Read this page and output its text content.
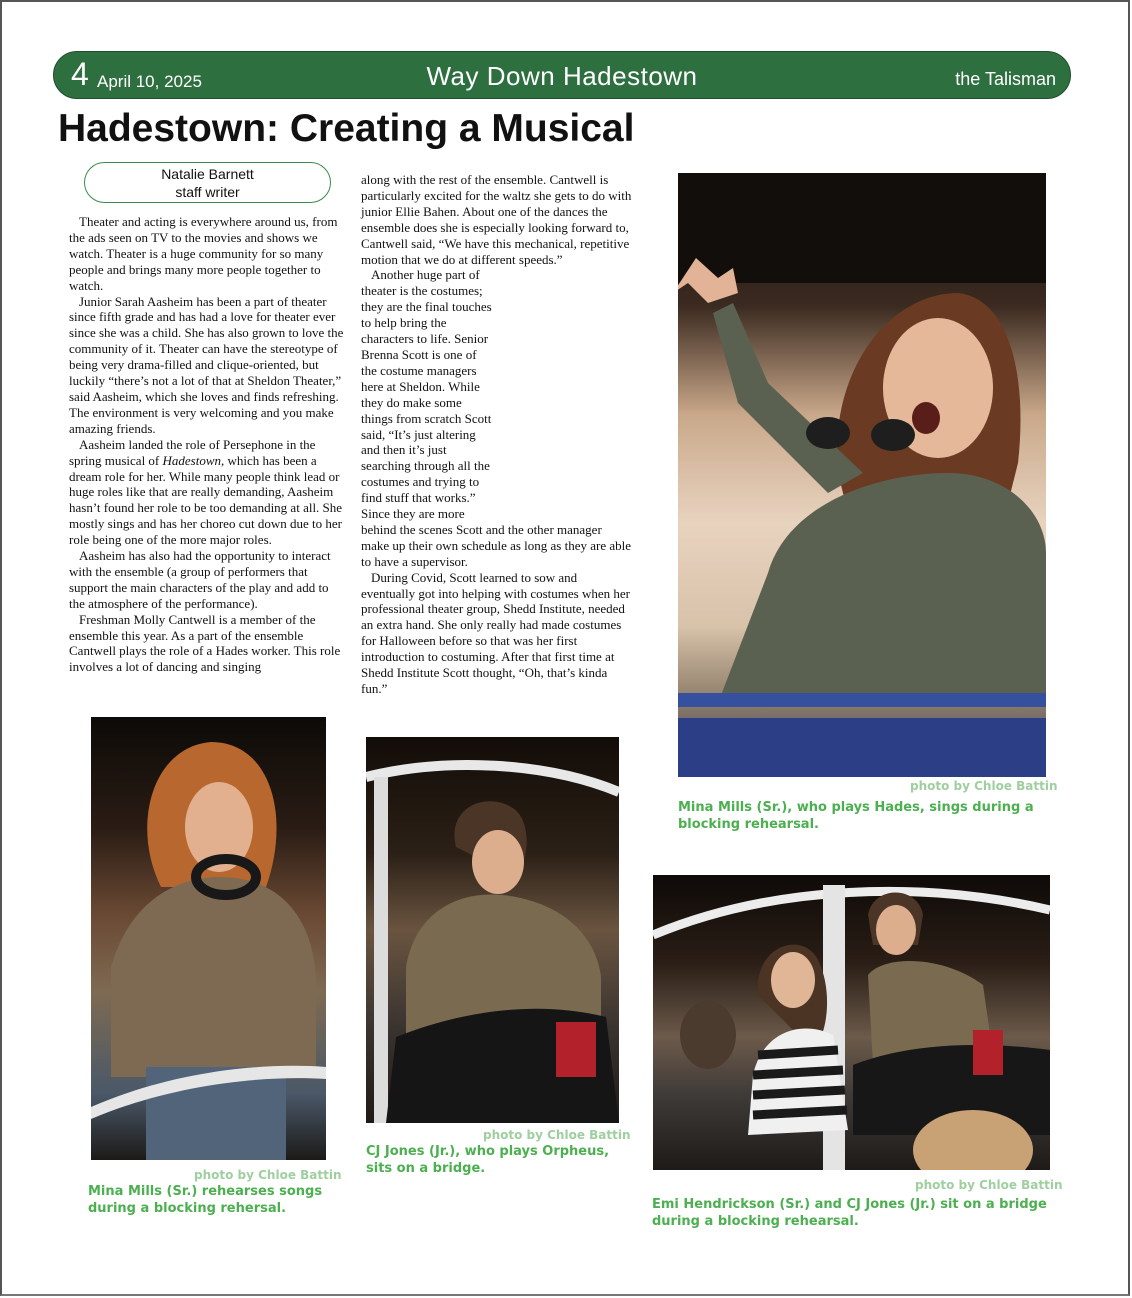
4 April 10, 2025	Way Down Hadestown	the Talisman
Hadestown: Creating a Musical
Natalie Barnett
staff writer

Theater and acting is everywhere around us, from the ads seen on TV to the movies and shows we watch. Theater is a huge community for so many people and brings many more people together to watch.

Junior Sarah Aasheim has been a part of theater since fifth grade and has had a love for theater ever since she was a child. She has also grown to love the community of it. Theater can have the stereotype of being very drama-filled and clique-oriented, but luckily “there’s not a lot of that at Sheldon Theater,” said Aasheim, which she loves and finds refreshing. The environment is very welcoming and you make amazing friends.

Aasheim landed the role of Persephone in the spring musical of Hadestown, which has been a dream role for her. While many people think lead or huge roles like that are really demanding, Aasheim hasn’t found her role to be too demanding at all. She mostly sings and has her choreo cut down due to her role being one of the more major roles.

Aasheim has also had the opportunity to interact with the ensemble (a group of performers that support the main characters of the play and add to the atmosphere of the performance).

Freshman Molly Cantwell is a member of the ensemble this year. As a part of the ensemble Cantwell plays the role of a Hades worker. This role involves a lot of dancing and singing

along with the rest of the ensemble. Cantwell is particularly excited for the waltz she gets to do with junior Ellie Bahen. About one of the dances the ensemble does she is especially looking forward to, Cantwell said, “We have this mechanical, repetitive motion that we do at different speeds.”

Another huge part of theater is the costumes; they are the final touches to help bring the characters to life. Senior Brenna Scott is one of the costume managers here at Sheldon. While they do make some things from scratch Scott said, “It’s just altering and then it’s just searching through all the costumes and trying to find stuff that works.” Since they are more behind the scenes Scott and the other manager make up their own schedule as long as they are able to have a supervisor.

During Covid, Scott learned to sow and eventually got into helping with costumes when her professional theater group, Shedd Institute, needed an extra hand. She only really had made costumes for Halloween before so that was her first introduction to costuming. After that first time at Shedd Institute Scott thought, “Oh, that’s kinda fun.”

photo by Chloe Battin
Mina Mills (Sr.), who plays Hades, sings during a blocking rehearsal.
photo by Chloe Battin
Mina Mills (Sr.) rehearses songs during a blocking rehersal.
photo by Chloe Battin
CJ Jones (Jr.), who plays Orpheus, sits on a bridge.
photo by Chloe Battin
Emi Hendrickson (Sr.) and CJ Jones (Jr.) sit on a bridge during a blocking rehearsal.
